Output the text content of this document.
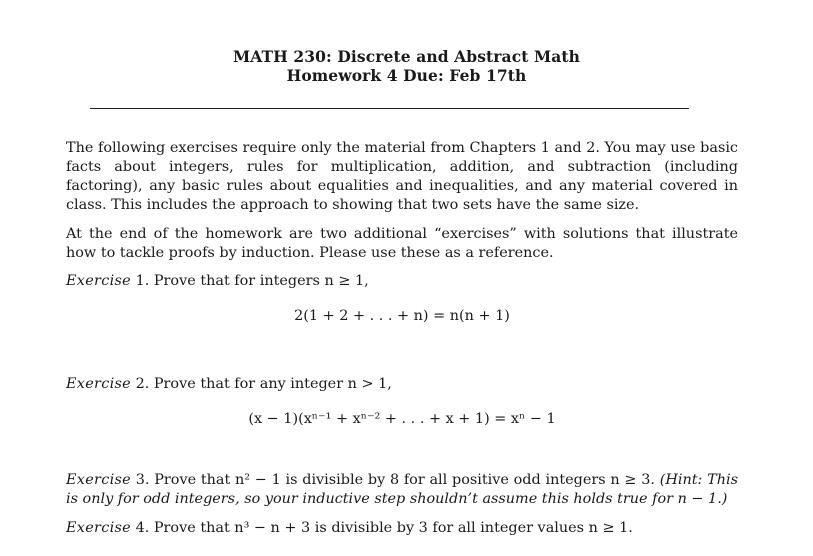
MATH 230: Discrete and Abstract Math
Homework 4 Due: Feb 17th

The following exercises require only the material from Chapters 1 and 2. You may use basic facts about integers, rules for multiplication, addition, and subtraction (including factoring), any basic rules about equalities and inequalities, and any material covered in class. This includes the approach to showing that two sets have the same size.

At the end of the homework are two additional “exercises” with solutions that illustrate how to tackle proofs by induction. Please use these as a reference.

Exercise 1. Prove that for integers n ≥ 1,

2(1 + 2 + . . . + n) = n(n + 1)

Exercise 2. Prove that for any integer n > 1,

(x − 1)(xⁿ⁻¹ + xⁿ⁻² + . . . + x + 1) = xⁿ − 1

Exercise 3. Prove that n² − 1 is divisible by 8 for all positive odd integers n ≥ 3. (Hint: This is only for odd integers, so your inductive step shouldn’t assume this holds true for n − 1.)

Exercise 4. Prove that n³ − n + 3 is divisible by 3 for all integer values n ≥ 1.
